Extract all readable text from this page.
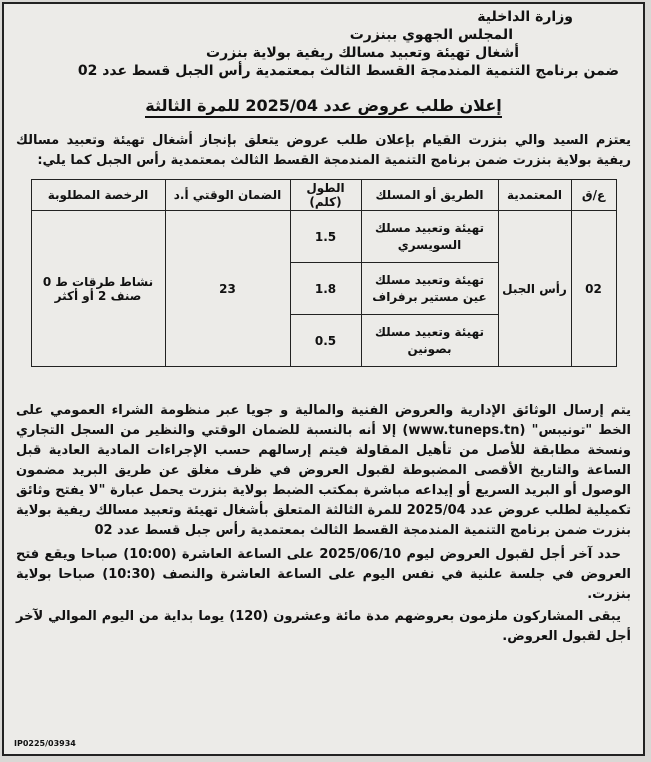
وزارة الداخلية
المجلس الجهوي ببنزرت
أشغال تهيئة وتعبيد مسالك ريفية بولاية بنزرت
ضمن برنامج التنمية المندمجة القسط الثالث بمعتمدية رأس الجبل قسط عدد 02
إعلان طلب عروض عدد 2025/04 للمرة الثالثة
يعتزم السيد والي بنزرت القيام بإعلان طلب عروض يتعلق بإنجاز أشغال تهيئة وتعبيد مسالك ريفية بولاية بنزرت ضمن برنامج التنمية المندمجة القسط الثالث بمعتمدية رأس الجبل كما يلي:
ع/ق	المعتمدية	الطريق أو المسلك	الطول (كلم)	الضمان الوقتي أ.د	الرخصة المطلوبة
02	رأس الجبل	تهيئة وتعبيد مسلك السويسري	1.5	23	نشاط طرقات ط 0 صنف 2 أو أكثر
		تهيئة وتعبيد مسلك عين مستير برفراف	1.8		
		تهيئة وتعبيد مسلك بصونين	0.5		
يتم إرسال الوثائق الإدارية والعروض الفنية والمالية و جويا عبر منظومة الشراء العمومي على الخط "تونيبس" (www.tuneps.tn) إلا أنه بالنسبة للضمان الوقتي والنظير من السجل التجاري ونسخة مطابقة للأصل من تأهيل المقاولة فيتم إرسالهم حسب الإجراءات المادية العادية قبل الساعة والتاريخ الأقصى المضبوطة لقبول العروض في ظرف مغلق عن طريق البريد مضمون الوصول أو البريد السريع أو إيداعه مباشرة بمكتب الضبط بولاية بنزرت يحمل عبارة "لا يفتح وثائق تكميلية لطلب عروض عدد 2025/04 للمرة الثالثة المتعلق بأشغال تهيئة وتعبيد مسالك ريفية بولاية بنزرت ضمن برنامج التنمية المندمجة القسط الثالث بمعتمدية رأس جبل قسط عدد 02
حدد آخر أجل لقبول العروض ليوم 2025/06/10 على الساعة العاشرة (10:00) صباحا ويقع فتح العروض في جلسة علنية في نفس اليوم على الساعة العاشرة والنصف (10:30) صباحا بولاية بنزرت.
يبقى المشاركون ملزمون بعروضهم مدة مائة وعشرون (120) يوما بداية من اليوم الموالي لآخر أجل لقبول العروض.
IP0225/03934
